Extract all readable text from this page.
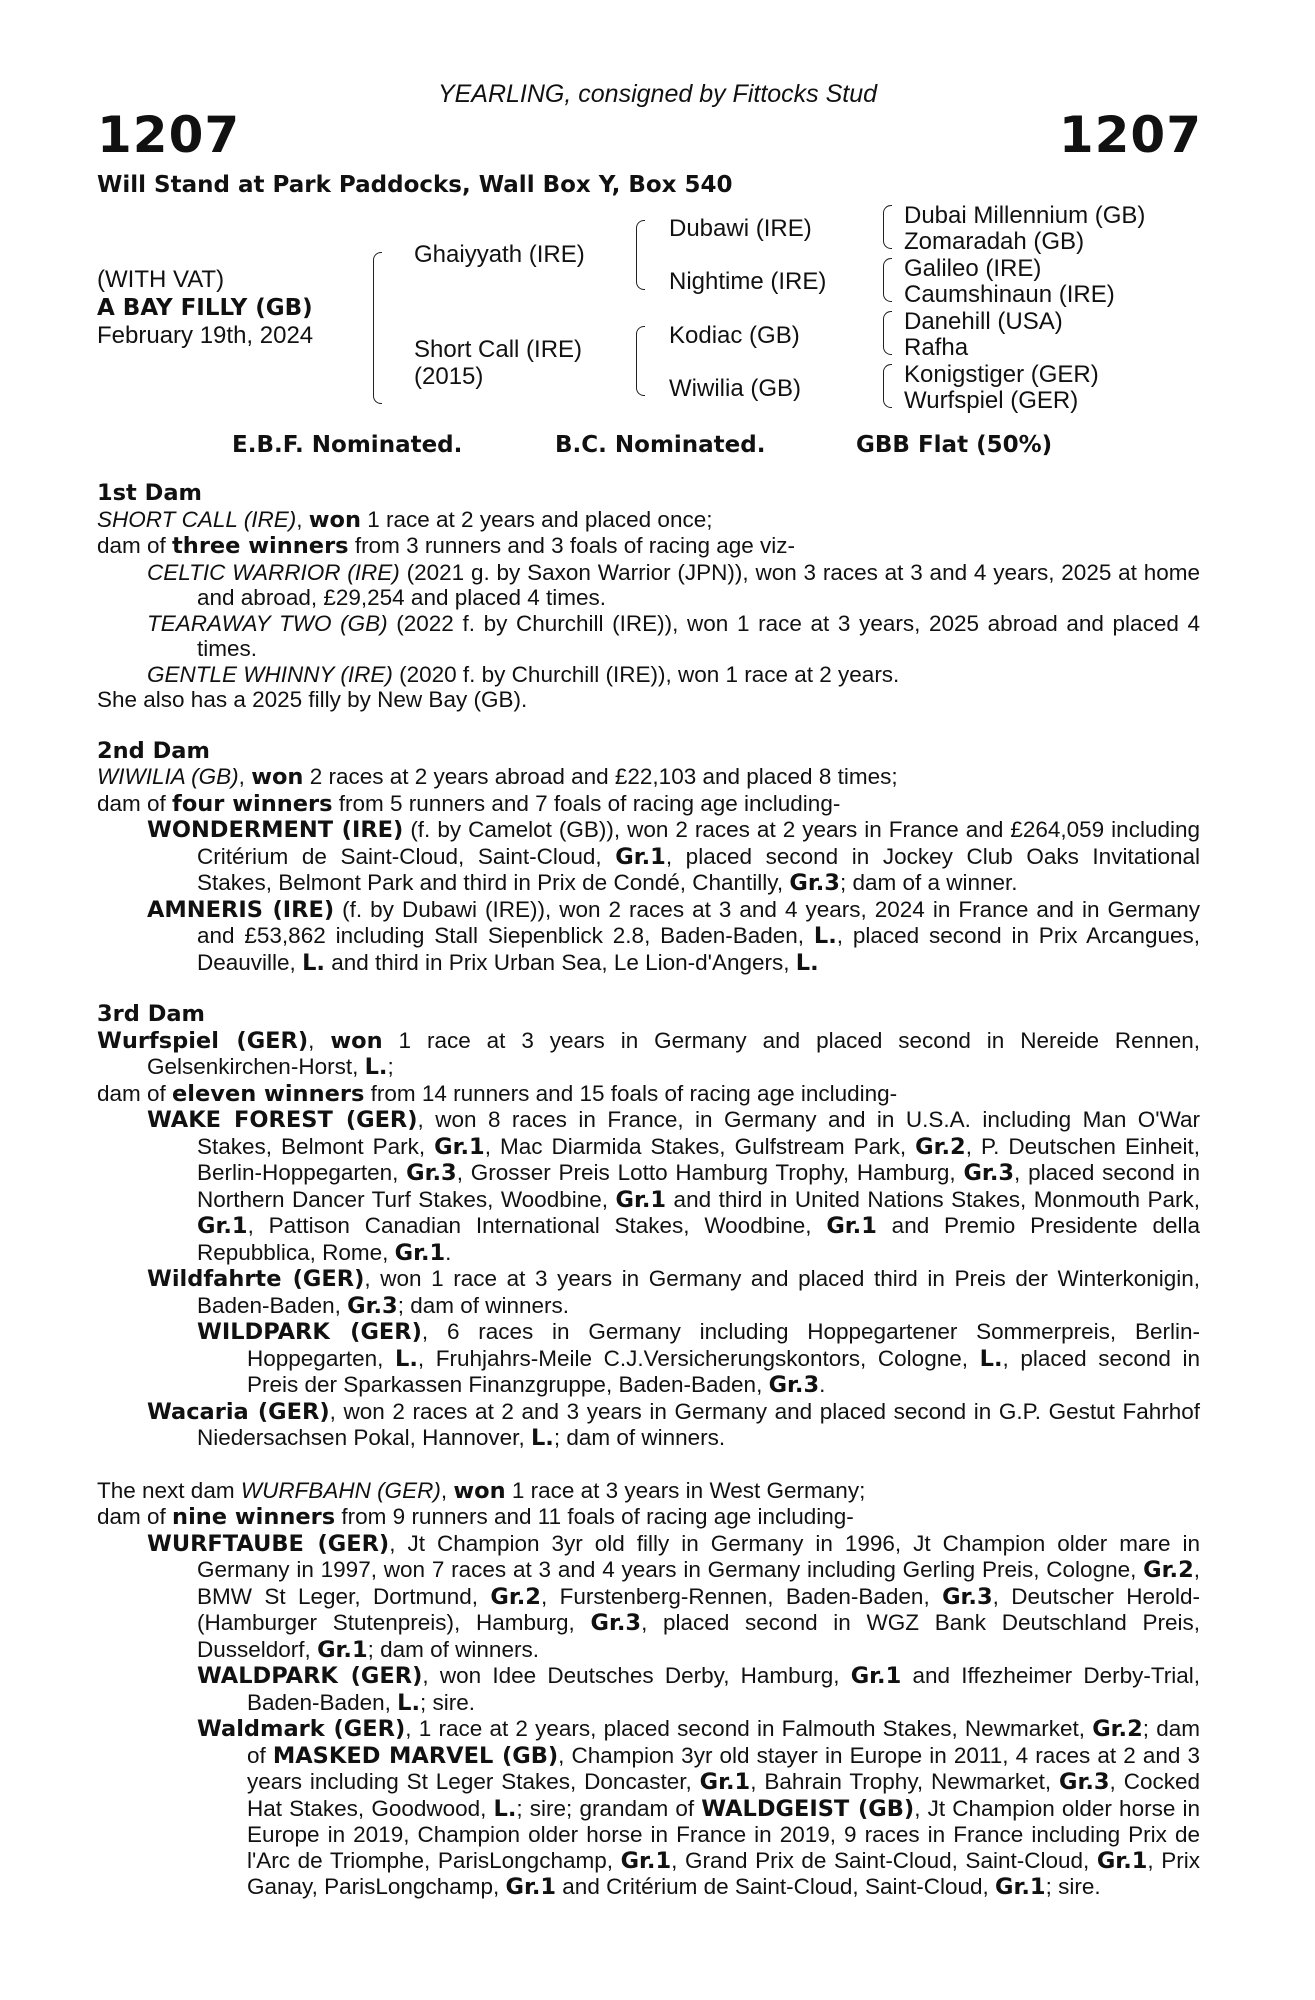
YEARLING, consigned by Fittocks Stud
1207	1207
Will Stand at Park Paddocks, Wall Box Y, Box 540
(WITH VAT)
A BAY FILLY (GB)
February 19th, 2024
Ghaiyyath (IRE)
Short Call (IRE)
(2015)
Dubawi (IRE)
Nightime (IRE)
Kodiac (GB)
Wiwilia (GB)
Dubai Millennium (GB)
Zomaradah (GB)
Galileo (IRE)
Caumshinaun (IRE)
Danehill (USA)
Rafha
Konigstiger (GER)
Wurfspiel (GER)
E.B.F. Nominated.	B.C. Nominated.	GBB Flat (50%)

1st Dam

SHORT CALL (IRE), won 1 race at 2 years and placed once;

dam of three winners from 3 runners and 3 foals of racing age viz-

CELTIC WARRIOR (IRE) (2021 g. by Saxon Warrior (JPN)), won 3 races at 3 and 4 years, 2025 at home and abroad, £29,254 and placed 4 times.

TEARAWAY TWO (GB) (2022 f. by Churchill (IRE)), won 1 race at 3 years, 2025 abroad and placed 4 times.

GENTLE WHINNY (IRE) (2020 f. by Churchill (IRE)), won 1 race at 2 years.

She also has a 2025 filly by New Bay (GB).

2nd Dam

WIWILIA (GB), won 2 races at 2 years abroad and £22,103 and placed 8 times;

dam of four winners from 5 runners and 7 foals of racing age including-

WONDERMENT (IRE) (f. by Camelot (GB)), won 2 races at 2 years in France and £264,059 including Critérium de Saint-Cloud, Saint-Cloud, Gr.1, placed second in Jockey Club Oaks Invitational Stakes, Belmont Park and third in Prix de Condé, Chantilly, Gr.3; dam of a winner.

AMNERIS (IRE) (f. by Dubawi (IRE)), won 2 races at 3 and 4 years, 2024 in France and in Germany and £53,862 including Stall Siepenblick 2.8, Baden-Baden, L., placed second in Prix Arcangues, Deauville, L. and third in Prix Urban Sea, Le Lion-d'Angers, L.

3rd Dam

Wurfspiel (GER), won 1 race at 3 years in Germany and placed second in Nereide Rennen, Gelsenkirchen-Horst, L.;

dam of eleven winners from 14 runners and 15 foals of racing age including-

WAKE FOREST (GER), won 8 races in France, in Germany and in U.S.A. including Man O'War Stakes, Belmont Park, Gr.1, Mac Diarmida Stakes, Gulfstream Park, Gr.2, P. Deutschen Einheit, Berlin-Hoppegarten, Gr.3, Grosser Preis Lotto Hamburg Trophy, Hamburg, Gr.3, placed second in Northern Dancer Turf Stakes, Woodbine, Gr.1 and third in United Nations Stakes, Monmouth Park, Gr.1, Pattison Canadian International Stakes, Woodbine, Gr.1 and Premio Presidente della Repubblica, Rome, Gr.1.

Wildfahrte (GER), won 1 race at 3 years in Germany and placed third in Preis der Winterkonigin, Baden-Baden, Gr.3; dam of winners.

WILDPARK (GER), 6 races in Germany including Hoppegartener Sommerpreis, Berlin-Hoppegarten, L., Fruhjahrs-Meile C.J.Versicherungskontors, Cologne, L., placed second in Preis der Sparkassen Finanzgruppe, Baden-Baden, Gr.3.

Wacaria (GER), won 2 races at 2 and 3 years in Germany and placed second in G.P. Gestut Fahrhof Niedersachsen Pokal, Hannover, L.; dam of winners.

The next dam WURFBAHN (GER), won 1 race at 3 years in West Germany;

dam of nine winners from 9 runners and 11 foals of racing age including-

WURFTAUBE (GER), Jt Champion 3yr old filly in Germany in 1996, Jt Champion older mare in Germany in 1997, won 7 races at 3 and 4 years in Germany including Gerling Preis, Cologne, Gr.2, BMW St Leger, Dortmund, Gr.2, Furstenberg-Rennen, Baden-Baden, Gr.3, Deutscher Herold-(Hamburger Stutenpreis), Hamburg, Gr.3, placed second in WGZ Bank Deutschland Preis, Dusseldorf, Gr.1; dam of winners.

WALDPARK (GER), won Idee Deutsches Derby, Hamburg, Gr.1 and Iffezheimer Derby-Trial, Baden-Baden, L.; sire.

Waldmark (GER), 1 race at 2 years, placed second in Falmouth Stakes, Newmarket, Gr.2; dam of MASKED MARVEL (GB), Champion 3yr old stayer in Europe in 2011, 4 races at 2 and 3 years including St Leger Stakes, Doncaster, Gr.1, Bahrain Trophy, Newmarket, Gr.3, Cocked Hat Stakes, Goodwood, L.; sire; grandam of WALDGEIST (GB), Jt Champion older horse in Europe in 2019, Champion older horse in France in 2019, 9 races in France including Prix de l'Arc de Triomphe, ParisLongchamp, Gr.1, Grand Prix de Saint-Cloud, Saint-Cloud, Gr.1, Prix Ganay, ParisLongchamp, Gr.1 and Critérium de Saint-Cloud, Saint-Cloud, Gr.1; sire.
